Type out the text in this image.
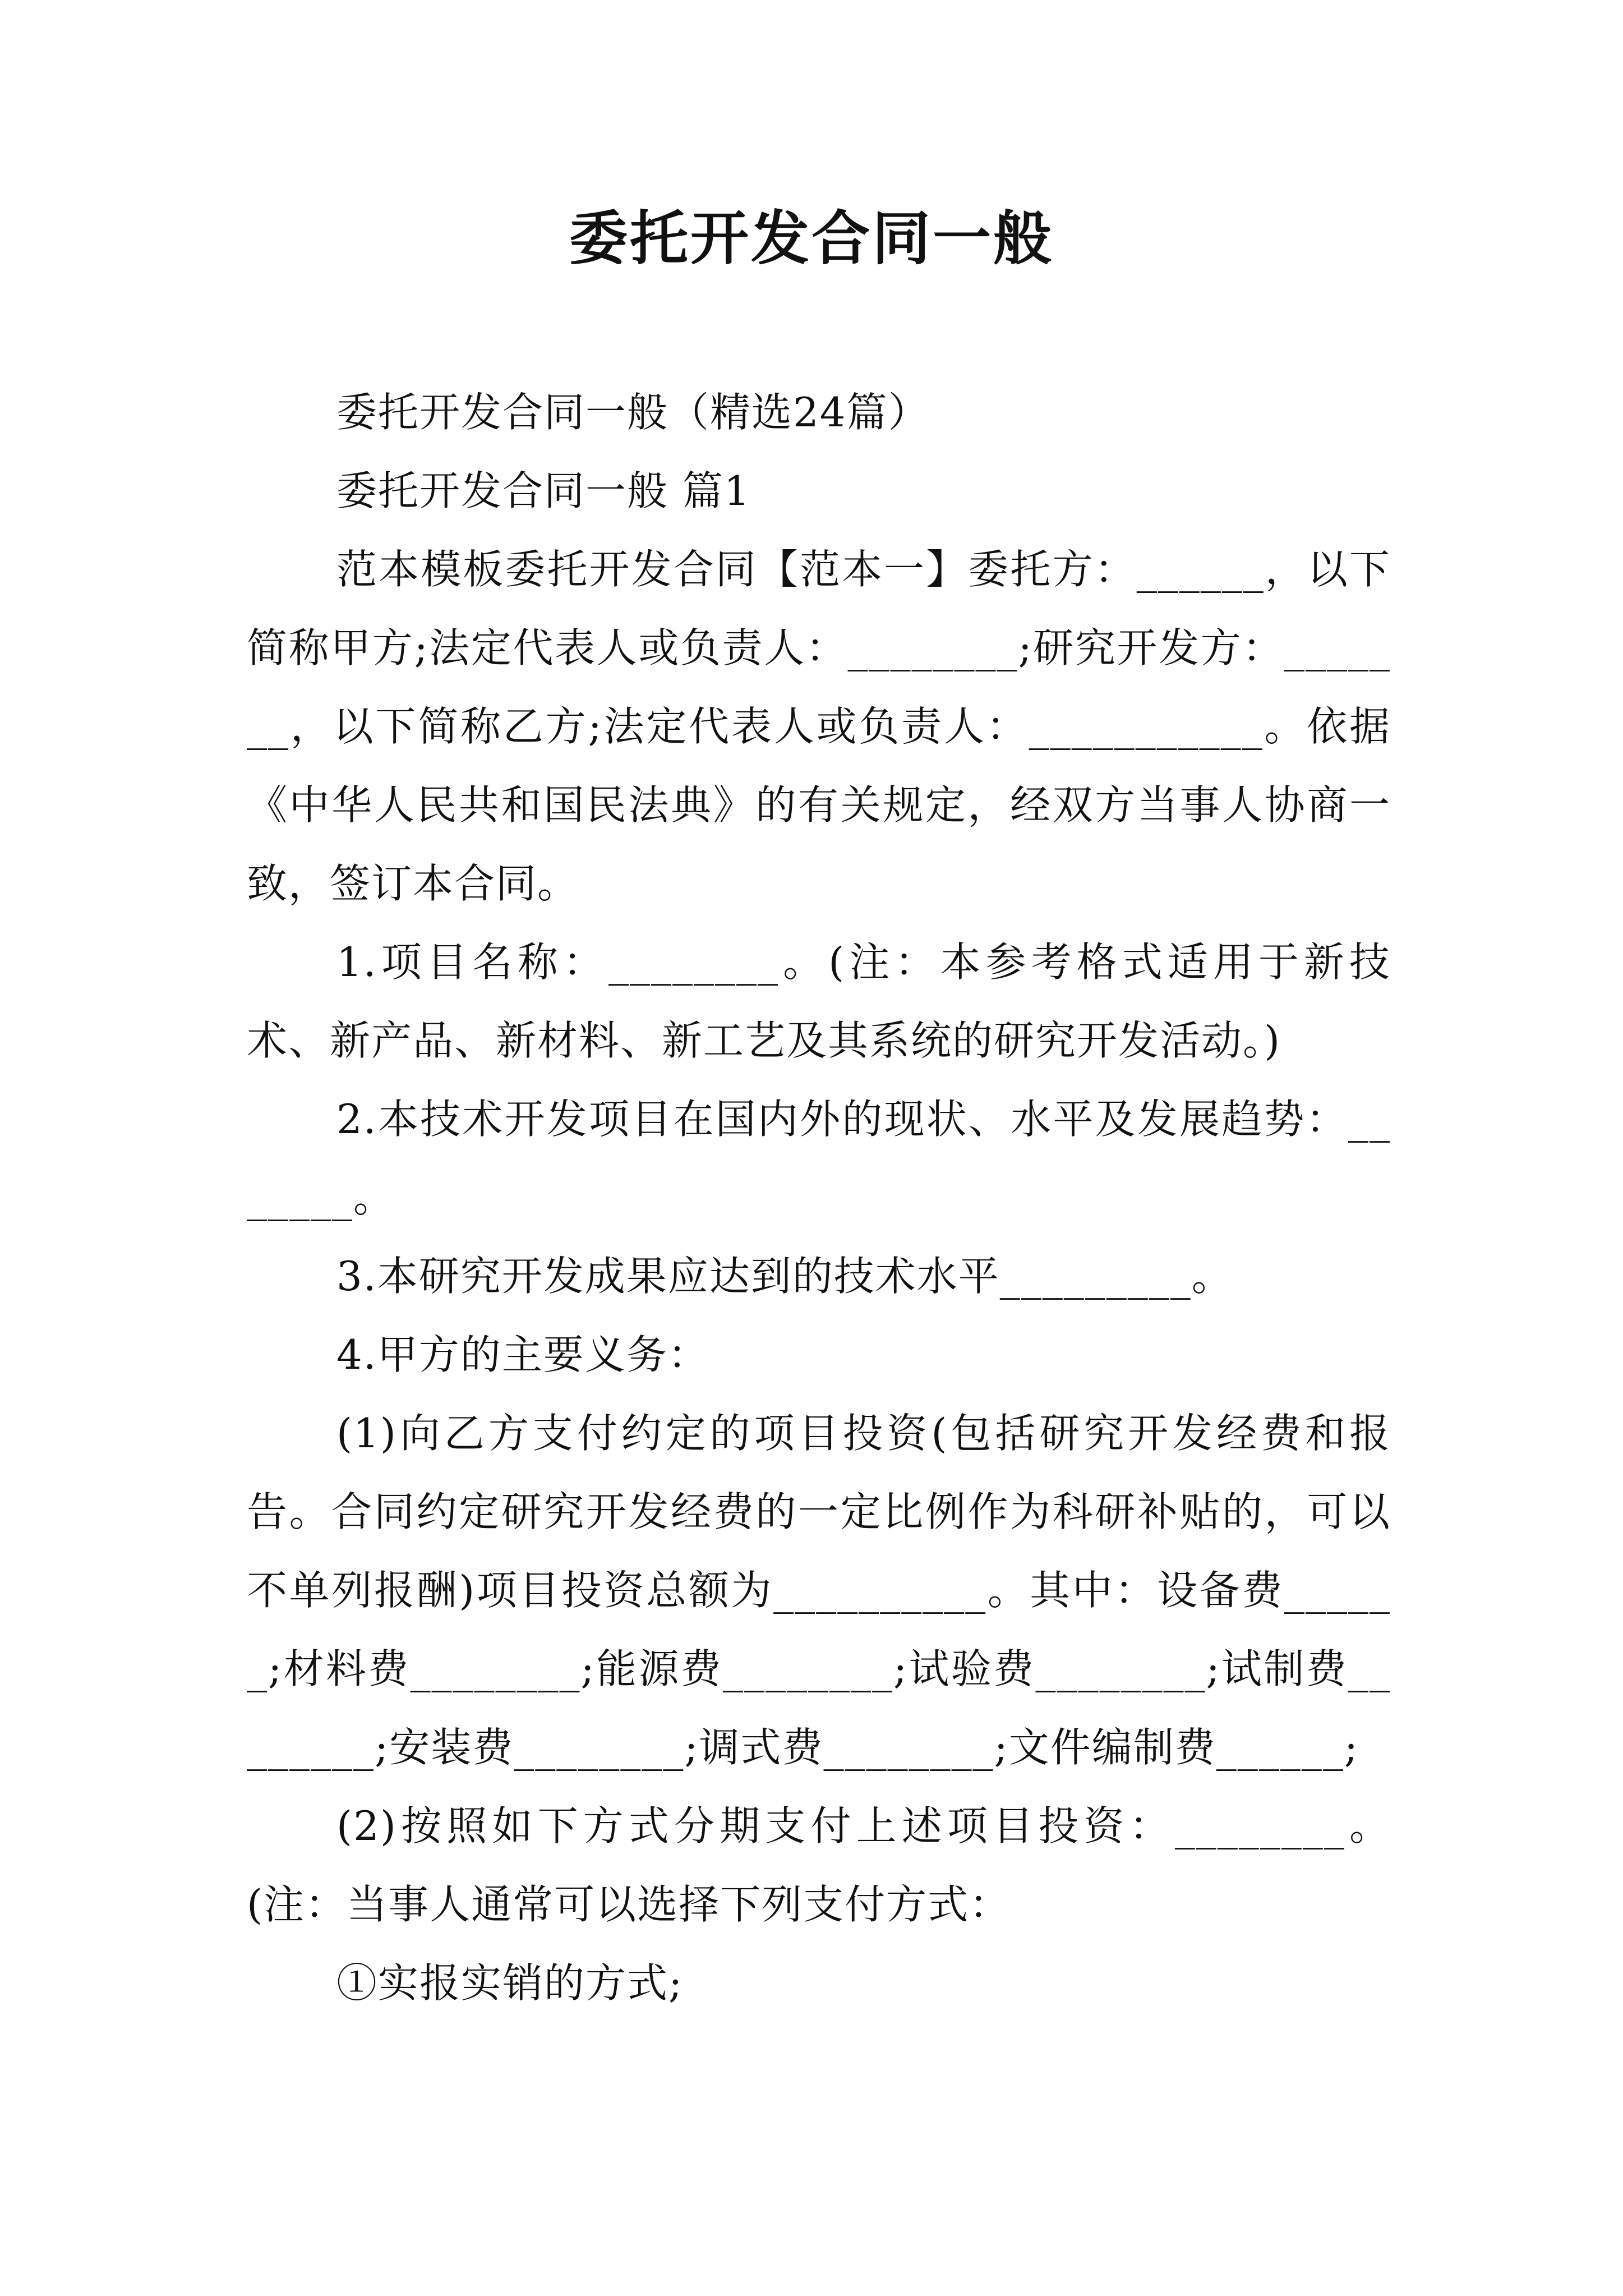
委托开发合同一般

委托开发合同一般（精选24篇）

委托开发合同一般 篇1

范本模板委托开发合同【范本一】委托方：______，以下简称甲方;法定代表人或负责人：________;研究开发方：_______，以下简称乙方;法定代表人或负责人：___________。依据《中华人民共和国民法典》的有关规定，经双方当事人协商一致，签订本合同。

1.项目名称：________。(注：本参考格式适用于新技术、新产品、新材料、新工艺及其系统的研究开发活动。)

2.本技术开发项目在国内外的现状、水平及发展趋势：_______。

3.本研究开发成果应达到的技术水平_________。

4.甲方的主要义务：

(1)向乙方支付约定的项目投资(包括研究开发经费和报告。合同约定研究开发经费的一定比例作为科研补贴的，可以不单列报酬)项目投资总额为__________。其中：设备费______;材料费________;能源费________;试验费________;试制费________;安装费________;调式费________;文件编制费______;

(2)按照如下方式分期支付上述项目投资：________。(注：当事人通常可以选择下列支付方式：

①实报实销的方式;
